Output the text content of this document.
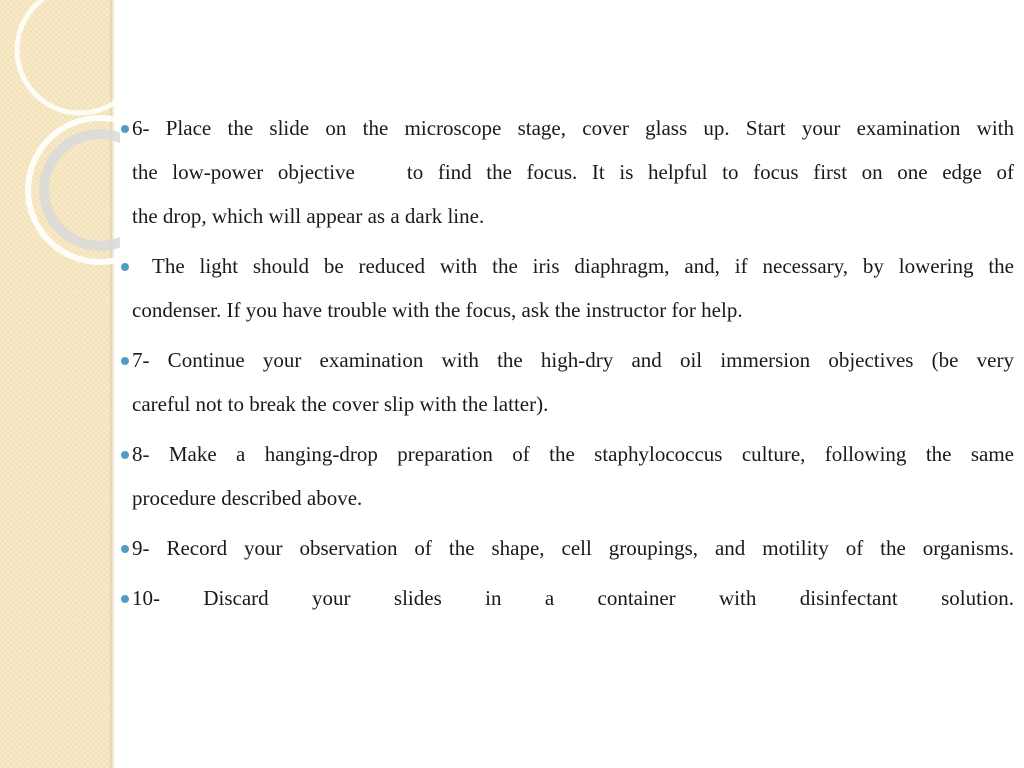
6- Place the slide on the microscope stage, cover glass up. Start your examination with
the low-power objective to find the focus. It is helpful to focus first on one edge of
the drop, which will appear as a dark line.
The light should be reduced with the iris diaphragm, and, if necessary, by lowering the
condenser. If you have trouble with the focus, ask the instructor for help.
7- Continue your examination with the high-dry and oil immersion objectives (be very
careful not to break the cover slip with the latter).
8- Make a hanging-drop preparation of the staphylococcus culture, following the same
procedure described above.
9- Record your observation of the shape, cell groupings, and motility of the organisms.
10- Discard your slides in a container with disinfectant solution.
